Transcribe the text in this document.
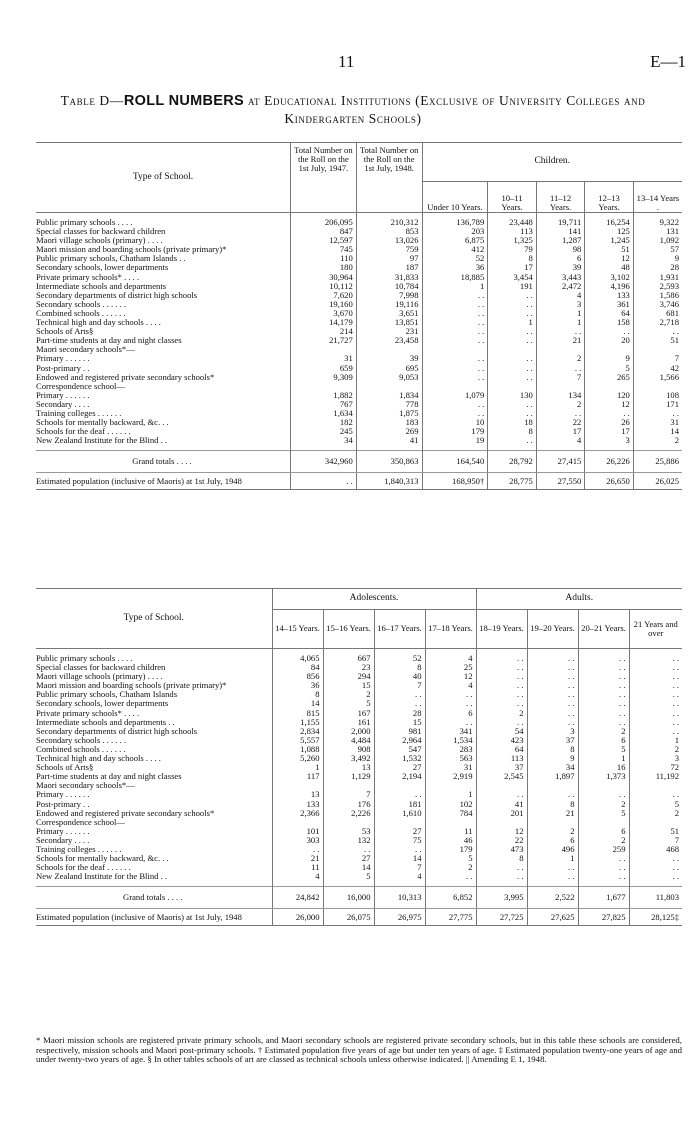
11	E—1
Table D—ROLL NUMBERS at Educational Institutions (Exclusive of University Colleges and Kindergarten Schools)
Type of School.	Total Number on the Roll on the 1st July, 1947.	Total Number on the Roll on the 1st July, 1948.	Children.				
			Under 10 Years.	10–11 Years.	11–12 Years.	12–13 Years.	13–14 Years .

Public primary schools . . . .	206,095	210,312	136,789	23,448	19,711	16,254	9,322
Special classes for backward children	847	853	203	113	141	125	131
Maori village schools (primary) . . . .	12,597	13,026	6,875	1,325	1,287	1,245	1,092
Maori mission and boarding schools (private primary)*	745	759	412	79	98	51	57
Public primary schools, Chatham Islands . .	110	97	52	8	6	12	9
Secondary schools, lower departments	180	187	36	17	39	48	28
Private primary schools* . . . .	30,964	31,833	18,885	3,454	3,443	3,102	1,931
Intermediate schools and departments	10,112	10,784	1	191	2,472	4,196	2,593
Secondary departments of district high schools	7,620	7,998	. .	. .	4	133	1,586
Secondary schools . . . . . .	19,160	19,116	. .	. .	3	361	3,746
Combined schools . . . . . .	3,670	3,651	. .	. .	1	64	681
Technical high and day schools . . . .	14,179	13,851	. .	1	1	158	2,718
Schools of Arts§	214	231	. .	. .	. .	. .	. .
Part-time students at day and night classes	21,727	23,458	. .	. .	21	20	51
Maori secondary schools*—							
Primary . . . . . .	31	39	. .	. .	2	9	7
Post-primary . .	659	695	. .	. .	. .	5	42
Endowed and registered private secondary schools*	9,309	9,053	. .	. .	7	265	1,566
Correspondence school—							
Primary . . . . . .	1,882	1,834	1,079	130	134	120	108
Secondary . . . .	767	778	. .	. .	2	12	171
Training colleges . . . . . .	1,634	1,875	. .	. .	. .	. .	. .
Schools for mentally backward, &c. . .	182	183	10	18	22	26	31
Schools for the deaf . . . . . .	245	269	179	8	17	17	14
New Zealand Institute for the Blind . .	34	41	19	. .	4	3	2

Grand totals . . . .	342,960	350,863	164,540	28,792	27,415	26,226	25,886
Estimated population (inclusive of Maoris) at 1st July, 1948	. .	1,840,313	168,950†	28,775	27,550	26,650	26,025
Type of School.	Adolescents.				Adults.			
	14–15 Years.	15–16 Years.	16–17 Years.	17–18 Years.	18–19 Years.	19–20 Years.	20–21 Years.	21 Years and over

Public primary schools . . . .	4,065	667	52	4	. .	. .	. .	. .
Special classes for backward children	84	23	8	25	. .	. .	. .	. .
Maori village schools (primary) . . . .	856	294	40	12	. .	. .	. .	. .
Maori mission and boarding schools (private primary)*	36	15	7	4	. .	. .	. .	. .
Public primary schools, Chatham Islands	8	2	. .	. .	. .	. .	. .	. .
Secondary schools, lower departments	14	5	. .	. .	. .	. .	. .	. .
Private primary schools* . . . .	815	167	28	6	2	. .	. .	. .
Intermediate schools and departments . .	1,155	161	15	. .	. .	. .	. .	. .
Secondary departments of district high schools	2,834	2,000	981	341	54	3	2	. .
Secondary schools . . . . . .	5,557	4,484	2,964	1,534	423	37	6	1
Combined schools . . . . . .	1,088	908	547	283	64	8	5	2
Technical high and day schools . . . .	5,260	3,492	1,532	563	113	9	1	3
Schools of Arts§	1	13	27	31	37	34	16	72
Part-time students at day and night classes	117	1,129	2,194	2,919	2,545	1,897	1,373	11,192
Maori secondary schools*—								
Primary . . . . . .	13	7	. .	1	. .	. .	. .	. .
Post-primary . .	133	176	181	102	41	8	2	5
Endowed and registered private secondary schools*	2,366	2,226	1,610	784	201	21	5	2
Correspondence school—								
Primary . . . . . .	101	53	27	11	12	2	6	51
Secondary . . . .	303	132	75	46	22	6	2	7
Training colleges . . . . . .	. .	. .	. .	179	473	496	259	468
Schools for mentally backward, &c. . .	21	27	14	5	8	1	. .	. .
Schools for the deaf . . . . . .	11	14	7	2	. .	. .	. .	. .
New Zealand Institute for the Blind . .	4	5	4	. .	. .	. .	. .	. .

Grand totals . . . .	24,842	16,000	10,313	6,852	3,995	2,522	1,677	11,803
Estimated population (inclusive of Maoris) at 1st July, 1948	26,000	26,075	26,975	27,775	27,725	27,625	27,825	28,125‡
* Maori mission schools are registered private primary schools, and Maori secondary schools are registered private secondary schools, but in this table these schools are considered, respectively, mission schools and Maori post-primary schools. † Estimated population five years of age but under ten years of age. ‡ Estimated population twenty-one years of age and under twenty-two years of age. § In other tables schools of art are classed as technical schools unless otherwise indicated. || Amending E 1, 1948.
